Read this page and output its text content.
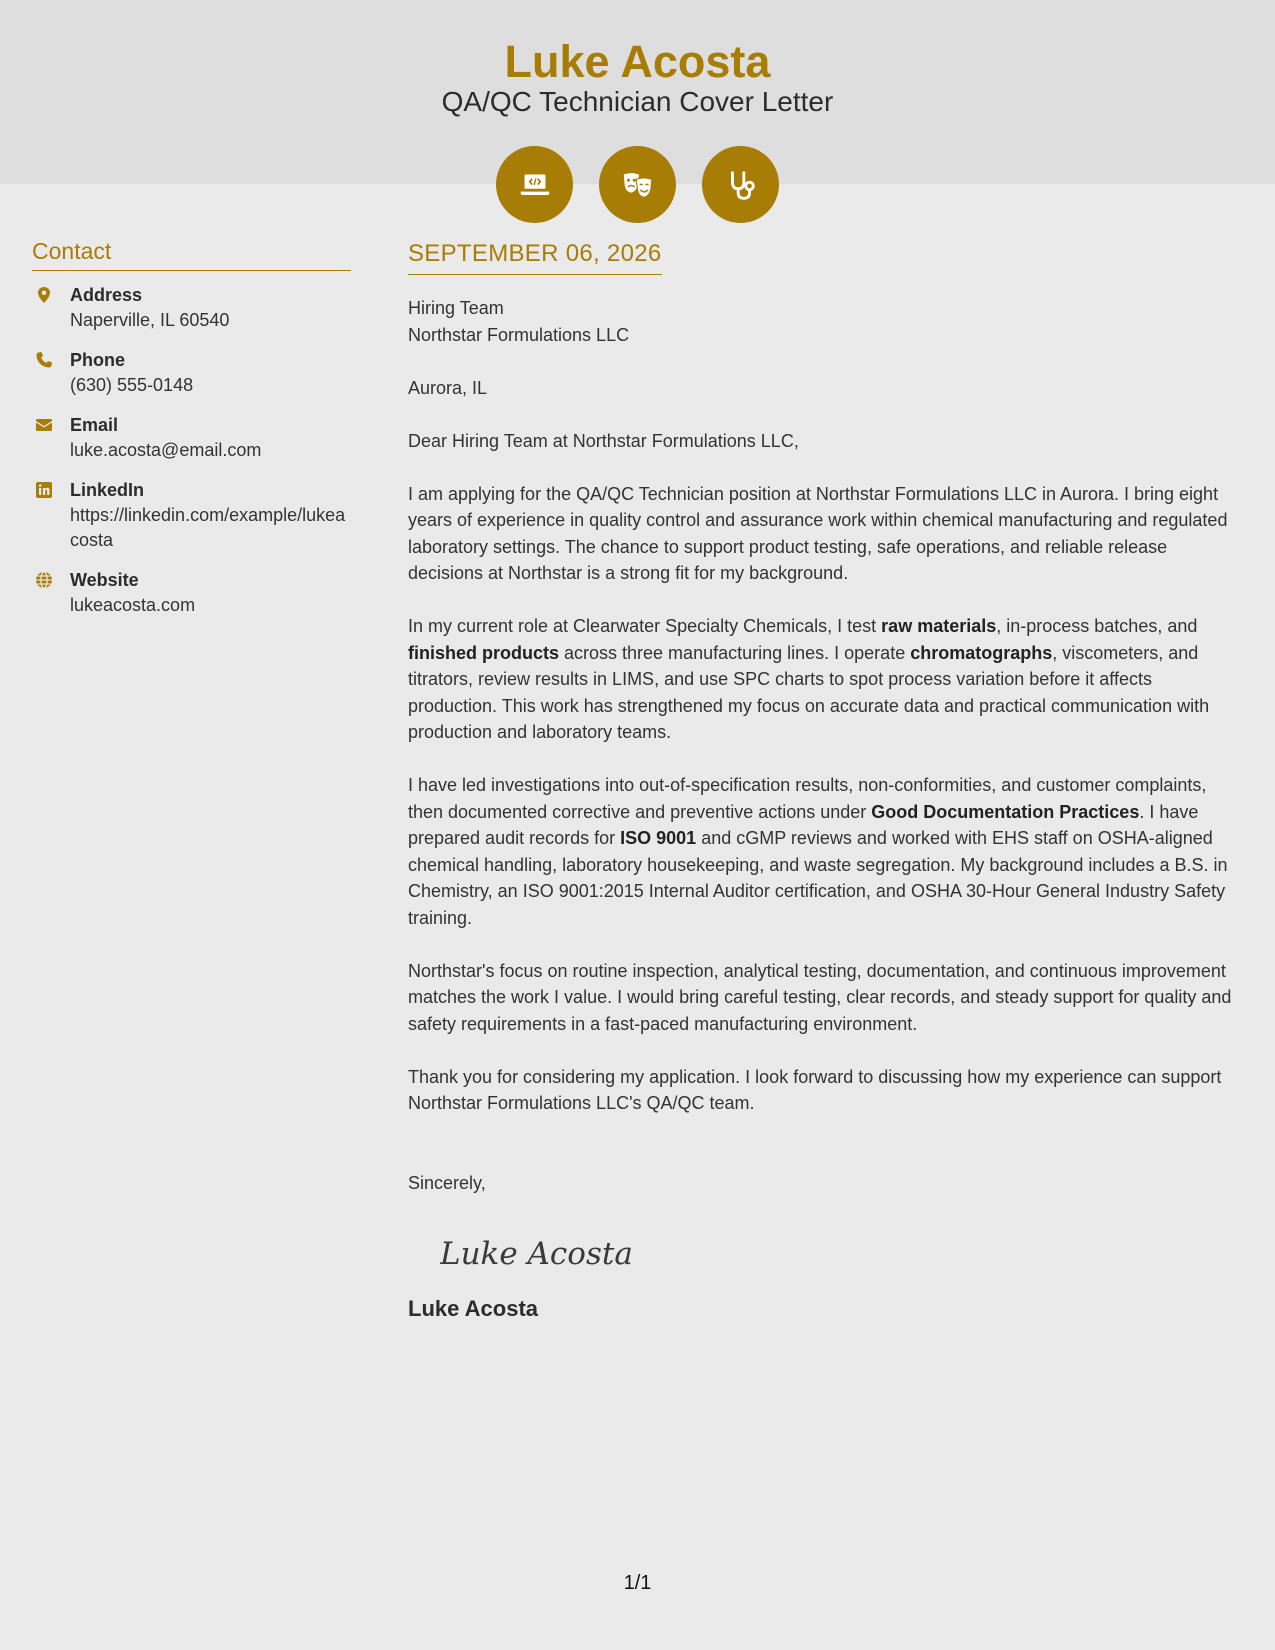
Luke Acosta
QA/QC Technician Cover Letter
Contact
Address
Naperville, IL 60540
Phone
(630) 555-0148
Email
luke.acosta@email.com
LinkedIn
https://linkedin.com/example/lukeacosta
Website
lukeacosta.com
SEPTEMBER 06, 2026
Hiring Team
Northstar Formulations LLC
Aurora, IL
Dear Hiring Team at Northstar Formulations LLC,

I am applying for the QA/QC Technician position at Northstar Formulations LLC in Aurora. I bring eight years of experience in quality control and assurance work within chemical manufacturing and regulated laboratory settings. The chance to support product testing, safe operations, and reliable release decisions at Northstar is a strong fit for my background.

In my current role at Clearwater Specialty Chemicals, I test raw materials, in-process batches, and finished products across three manufacturing lines. I operate chromatographs, viscometers, and titrators, review results in LIMS, and use SPC charts to spot process variation before it affects production. This work has strengthened my focus on accurate data and practical communication with production and laboratory teams.

I have led investigations into out-of-specification results, non-conformities, and customer complaints, then documented corrective and preventive actions under Good Documentation Practices. I have prepared audit records for ISO 9001 and cGMP reviews and worked with EHS staff on OSHA-aligned chemical handling, laboratory housekeeping, and waste segregation. My background includes a B.S. in Chemistry, an ISO 9001:2015 Internal Auditor certification, and OSHA 30-Hour General Industry Safety training.

Northstar's focus on routine inspection, analytical testing, documentation, and continuous improvement matches the work I value. I would bring careful testing, clear records, and steady support for quality and safety requirements in a fast-paced manufacturing environment.

Thank you for considering my application. I look forward to discussing how my experience can support Northstar Formulations LLC's QA/QC team.

Sincerely,
Luke Acosta
Luke Acosta
1/1
